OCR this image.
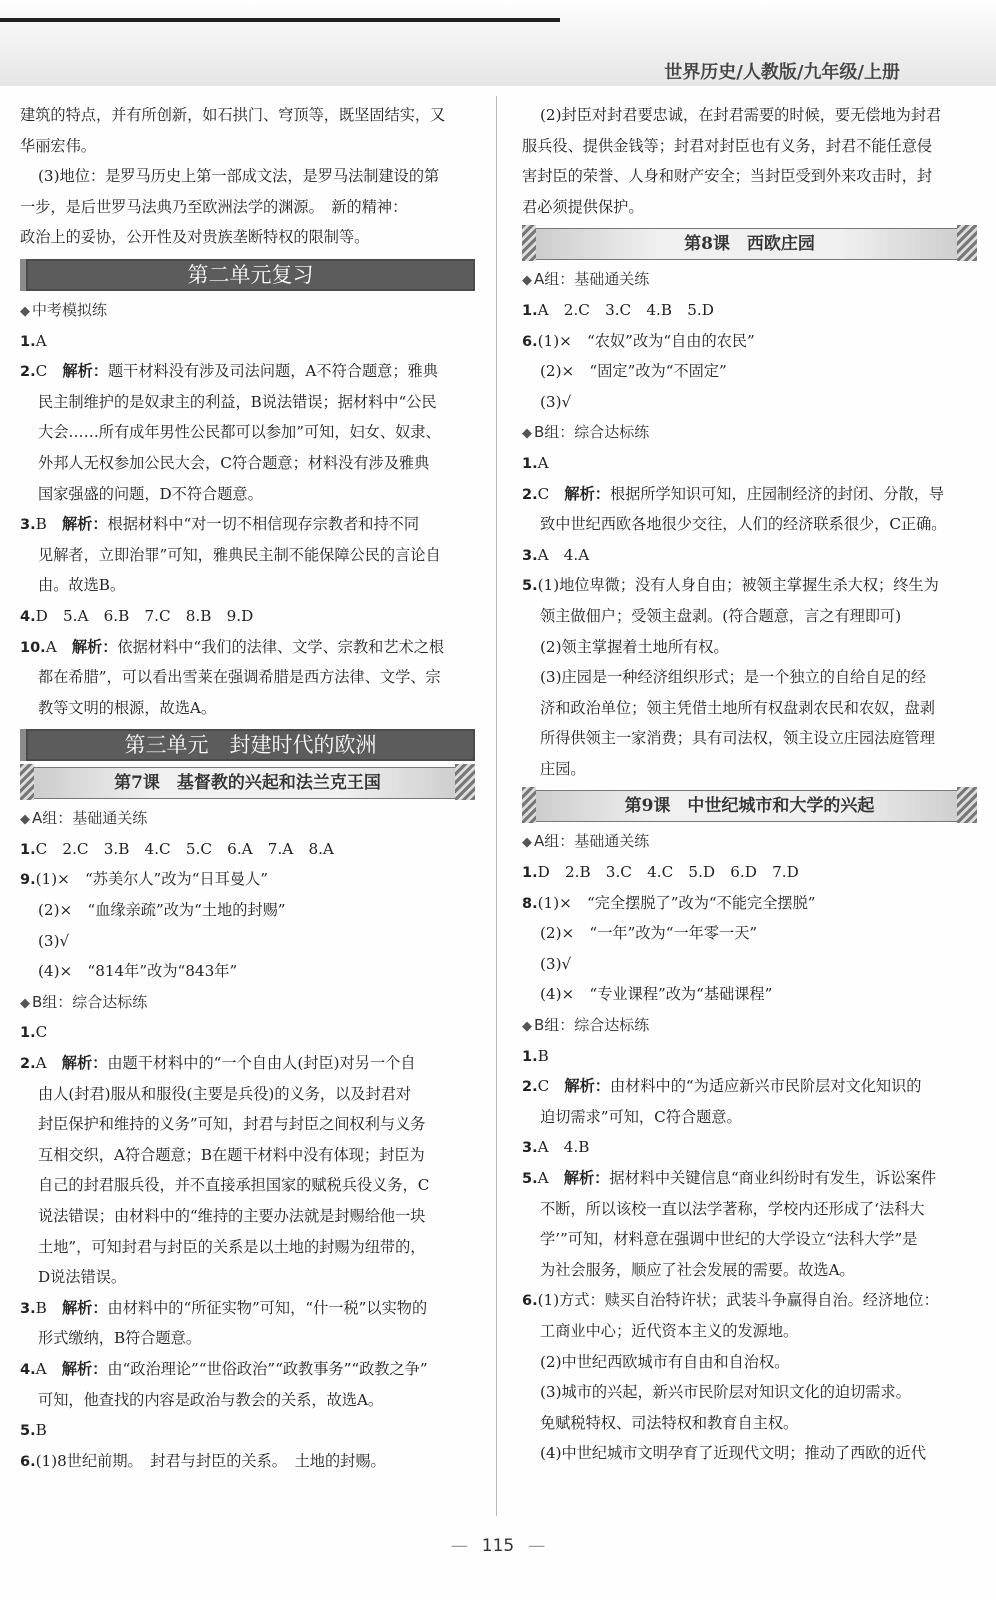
世界历史/人教版/九年级/上册
建筑的特点，并有所创新，如石拱门、穹顶等，既坚固结实，又
华丽宏伟。
(3)地位：是罗马历史上第一部成文法，是罗马法制建设的第
一步，是后世罗马法典乃至欧洲法学的渊源。　新的精神：
政治上的妥协，公开性及对贵族垄断特权的限制等。
第二单元复习
◆ 中考模拟练
1.A
2.C　解析：题干材料没有涉及司法问题，A不符合题意；雅典
民主制维护的是奴隶主的利益，B说法错误；据材料中“公民
大会……所有成年男性公民都可以参加”可知，妇女、奴隶、
外邦人无权参加公民大会，C符合题意；材料没有涉及雅典
国家强盛的问题，D不符合题意。
3.B　解析：根据材料中“对一切不相信现存宗教者和持不同
见解者，立即治罪”可知，雅典民主制不能保障公民的言论自
由。故选B。
4.D　5.A　6.B　7.C　8.B　9.D
10.A　解析：依据材料中“我们的法律、文学、宗教和艺术之根
都在希腊”，可以看出雪莱在强调希腊是西方法律、文学、宗
教等文明的根源，故选A。
第三单元　封建时代的欧洲
第7课　基督教的兴起和法兰克王国
◆ A组：基础通关练
1.C　2.C　3.B　4.C　5.C　6.A　7.A　8.A
9.(1)×　“苏美尔人”改为“日耳曼人”
(2)×　“血缘亲疏”改为“土地的封赐”
(3)√
(4)×　“814年”改为“843年”
◆ B组：综合达标练
1.C
2.A　解析：由题干材料中的“一个自由人(封臣)对另一个自
由人(封君)服从和服役(主要是兵役)的义务，以及封君对
封臣保护和维持的义务”可知，封君与封臣之间权利与义务
互相交织，A符合题意；B在题干材料中没有体现；封臣为
自己的封君服兵役，并不直接承担国家的赋税兵役义务，C
说法错误；由材料中的“维持的主要办法就是封赐给他一块
土地”，可知封君与封臣的关系是以土地的封赐为纽带的，
D说法错误。
3.B　解析：由材料中的“所征实物”可知，“什一税”以实物的
形式缴纳，B符合题意。
4.A　解析：由“政治理论”“世俗政治”“政教事务”“政教之争”
可知，他查找的内容是政治与教会的关系，故选A。
5.B
6.(1)8世纪前期。　封君与封臣的关系。　土地的封赐。
(2)封臣对封君要忠诚，在封君需要的时候，要无偿地为封君
服兵役、提供金钱等；封君对封臣也有义务，封君不能任意侵
害封臣的荣誉、人身和财产安全；当封臣受到外来攻击时，封
君必须提供保护。
第8课　西欧庄园
◆ A组：基础通关练
1.A　2.C　3.C　4.B　5.D
6.(1)×　“农奴”改为“自由的农民”
(2)×　“固定”改为“不固定”
(3)√
◆ B组：综合达标练
1.A
2.C　解析：根据所学知识可知，庄园制经济的封闭、分散，导
致中世纪西欧各地很少交往，人们的经济联系很少，C正确。
3.A　4.A
5.(1)地位卑微；没有人身自由；被领主掌握生杀大权；终生为
领主做佃户；受领主盘剥。(符合题意，言之有理即可)
(2)领主掌握着土地所有权。
(3)庄园是一种经济组织形式；是一个独立的自给自足的经
济和政治单位；领主凭借土地所有权盘剥农民和农奴，盘剥
所得供领主一家消费；具有司法权，领主设立庄园法庭管理
庄园。
第9课　中世纪城市和大学的兴起
◆ A组：基础通关练
1.D　2.B　3.C　4.C　5.D　6.D　7.D
8.(1)×　“完全摆脱了”改为“不能完全摆脱”
(2)×　“一年”改为“一年零一天”
(3)√
(4)×　“专业课程”改为“基础课程”
◆ B组：综合达标练
1.B
2.C　解析：由材料中的“为适应新兴市民阶层对文化知识的
迫切需求”可知，C符合题意。
3.A　4.B
5.A　解析：据材料中关键信息“商业纠纷时有发生，诉讼案件
不断，所以该校一直以法学著称，学校内还形成了‘法科大
学’”可知，材料意在强调中世纪的大学设立“法科大学”是
为社会服务，顺应了社会发展的需要。故选A。
6.(1)方式：赎买自治特许状；武装斗争赢得自治。经济地位：
工商业中心；近代资本主义的发源地。
(2)中世纪西欧城市有自由和自治权。
(3)城市的兴起，新兴市民阶层对知识文化的迫切需求。
免赋税特权、司法特权和教育自主权。
(4)中世纪城市文明孕育了近现代文明；推动了西欧的近代
— 115 —
